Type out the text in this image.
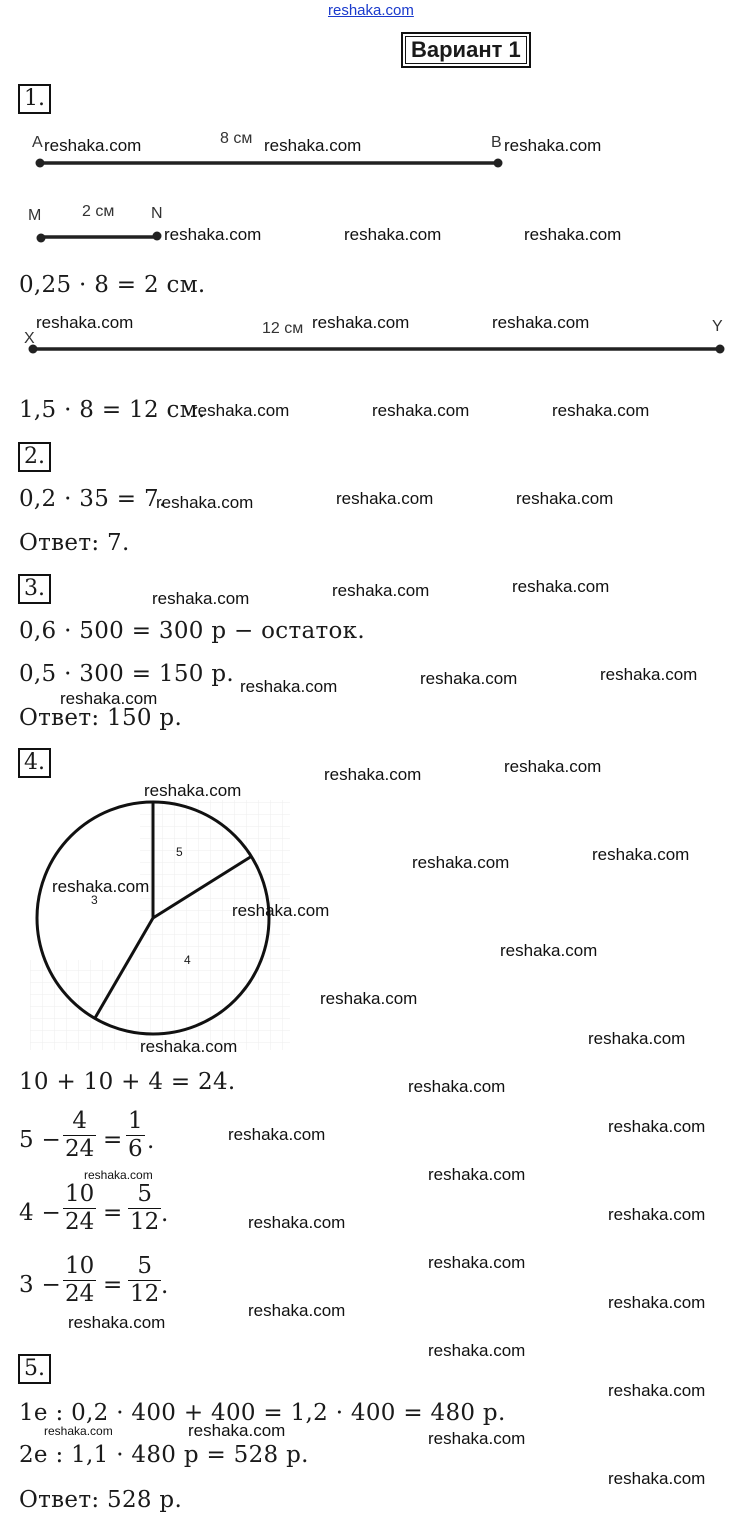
reshaka.com
Вариант 1
1.
A	8 см	B
M	2 см N
0,25 · 8 = 2 см.
X
12 см	Y
1,5 · 8 = 12 см.
2.
0,2 · 35 = 7.
Ответ: 7.
3.
0,6 · 500 = 300 р − остаток.
0,5 · 300 = 150 р.
Ответ: 150 р.
4.
5
3
4
10 + 10 + 4 = 24.
5 −
4
24 =
1
6 .
4 −
10
24 =
5
12 .
3 −
10
24 =
5
12 .
5.
1е : 0,2 · 400 + 400 = 1,2 · 400 = 480 р.
2е : 1,1 · 480 р = 528 р.
Ответ: 528 р.
reshaka.com	reshaka.com	reshaka.com
reshaka.com	reshaka.com	reshaka.com
reshaka.com	reshaka.com	reshaka.com
reshaka.com	reshaka.com	reshaka.com
reshaka.com	reshaka.com	reshaka.com
reshaka.com	reshaka.com	reshaka.com
reshaka.com	reshaka.com	reshaka.com
reshaka.com
reshaka.com	reshaka.com
reshaka.com
reshaka.com	reshaka.com
reshaka.com
reshaka.com
reshaka.com
reshaka.com
reshaka.com
reshaka.com
reshaka.com
reshaka.com
reshaka.com
reshaka.com	reshaka.com
reshaka.com
reshaka.com
reshaka.com
reshaka.com
reshaka.com
reshaka.com
reshaka.com
reshaka.com
reshaka.com	reshaka.com	reshaka.com
reshaka.com
